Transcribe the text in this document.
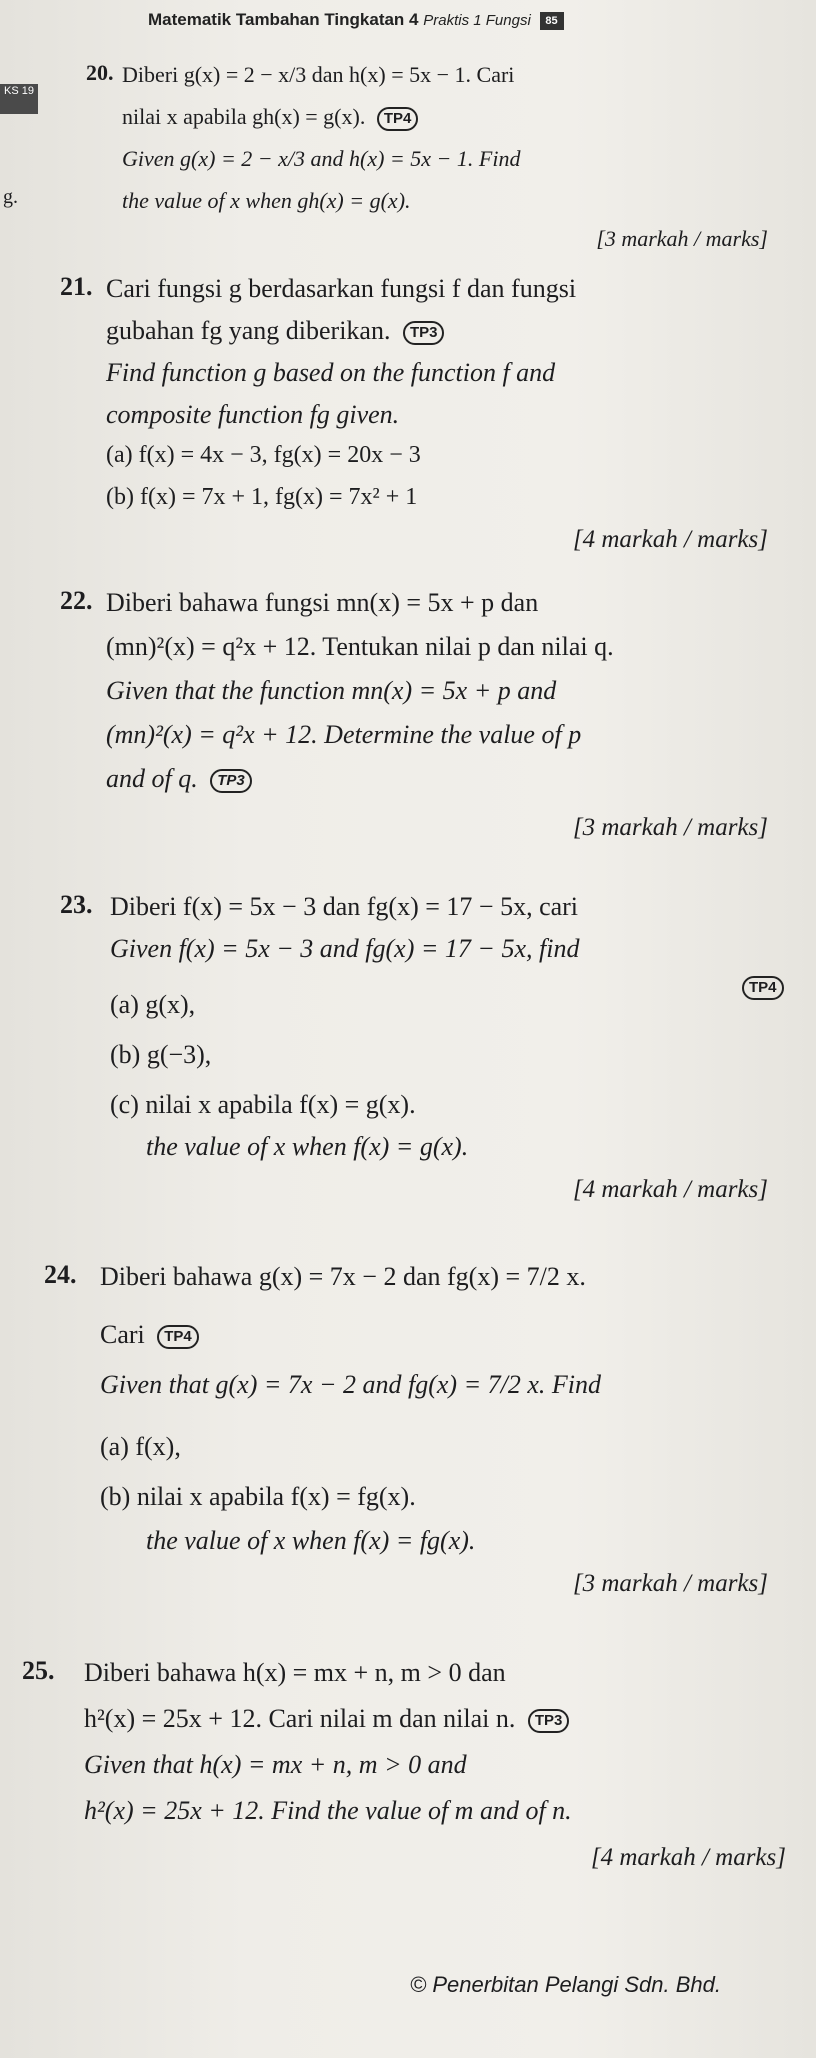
Matematik Tambahan Tingkatan 4 Praktis 1 Fungsi 85
KS 19
g.
20. Diberi g(x) = 2 − x/3 dan h(x) = 5x − 1. Cari
nilai x apabila gh(x) = g(x). TP4
Given g(x) = 2 − x/3 and h(x) = 5x − 1. Find
the value of x when gh(x) = g(x).
[3 markah / marks]
21. Cari fungsi g berdasarkan fungsi f dan fungsi
gubahan fg yang diberikan. TP3
Find function g based on the function f and
composite function fg given.
(a) f(x) = 4x − 3, fg(x) = 20x − 3
(b) f(x) = 7x + 1, fg(x) = 7x² + 1
[4 markah / marks]
22. Diberi bahawa fungsi mn(x) = 5x + p dan
(mn)²(x) = q²x + 12. Tentukan nilai p dan nilai q.
Given that the function mn(x) = 5x + p and
(mn)²(x) = q²x + 12. Determine the value of p
and of q. TP3
[3 markah / marks]
23. Diberi f(x) = 5x − 3 dan fg(x) = 17 − 5x, cari
Given f(x) = 5x − 3 and fg(x) = 17 − 5x, find
TP4
(a) g(x),
(b) g(−3),
(c) nilai x apabila f(x) = g(x).
the value of x when f(x) = g(x).
[4 markah / marks]
24. Diberi bahawa g(x) = 7x − 2 dan fg(x) = 7/2 x.
Cari TP4
Given that g(x) = 7x − 2 and fg(x) = 7/2 x. Find
(a) f(x),
(b) nilai x apabila f(x) = fg(x).
the value of x when f(x) = fg(x).
[3 markah / marks]
25. Diberi bahawa h(x) = mx + n, m > 0 dan
h²(x) = 25x + 12. Cari nilai m dan nilai n. TP3
Given that h(x) = mx + n, m > 0 and
h²(x) = 25x + 12. Find the value of m and of n.
[4 markah / marks]
© Penerbitan Pelangi Sdn. Bhd.
